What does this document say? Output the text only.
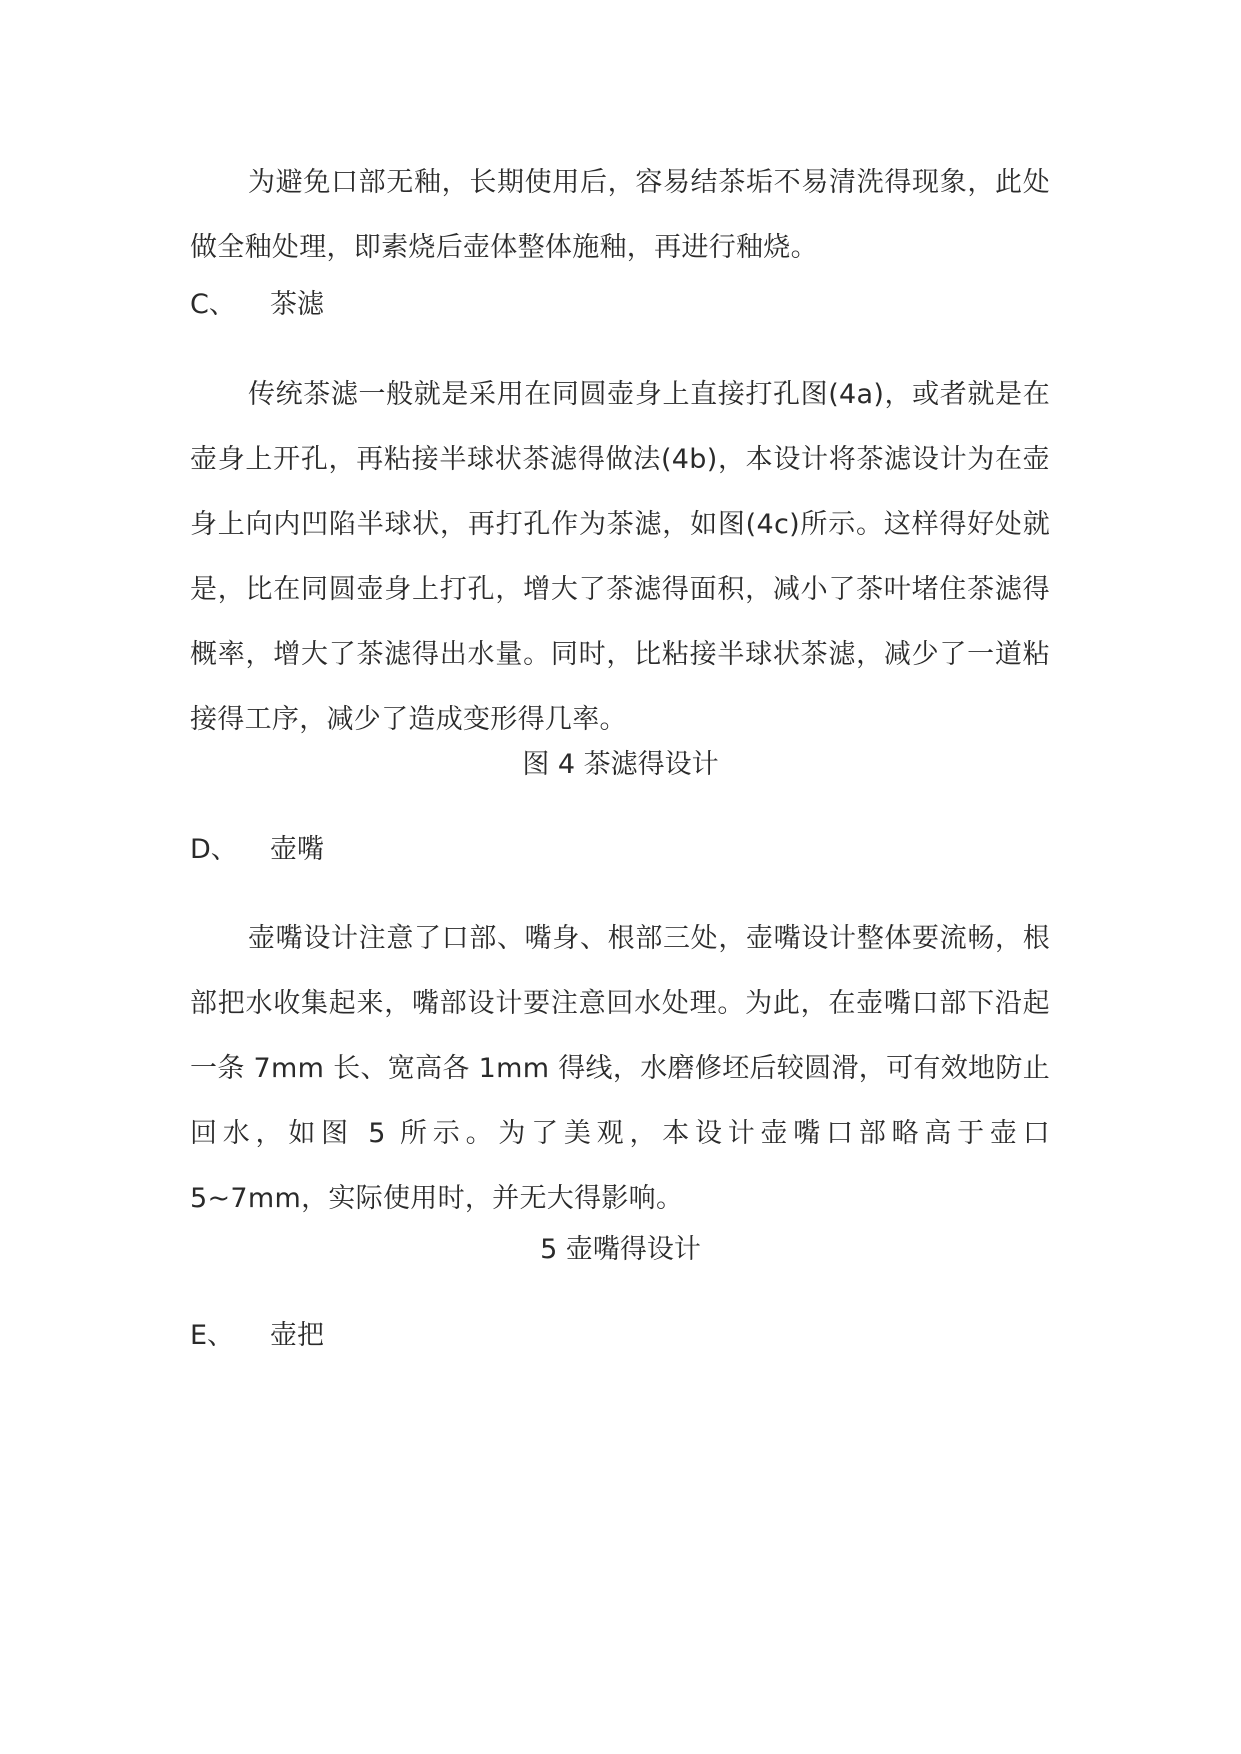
为避免口部无釉，长期使用后，容易结茶垢不易清洗得现象，此处做全釉处理，即素烧后壶体整体施釉，再进行釉烧。

C、 茶滤

传统茶滤一般就是采用在同圆壶身上直接打孔图(4a)，或者就是在壶身上开孔，再粘接半球状茶滤得做法(4b)，本设计将茶滤设计为在壶身上向内凹陷半球状，再打孔作为茶滤，如图(4c)所示。这样得好处就是，比在同圆壶身上打孔，增大了茶滤得面积，减小了茶叶堵住茶滤得概率，增大了茶滤得出水量。同时，比粘接半球状茶滤，减少了一道粘接得工序，减少了造成变形得几率。

图 4 茶滤得设计
D、 壶嘴

壶嘴设计注意了口部、嘴身、根部三处，壶嘴设计整体要流畅，根部把水收集起来，嘴部设计要注意回水处理。为此，在壶嘴口部下沿起一条 7mm 长、宽高各 1mm 得线，水磨修坯后较圆滑，可有效地防止回水，如图 5 所示。为了美观，本设计壶嘴口部略高于壶口 5~7mm，实际使用时，并无大得影响。

5 壶嘴得设计
E、 壶把
